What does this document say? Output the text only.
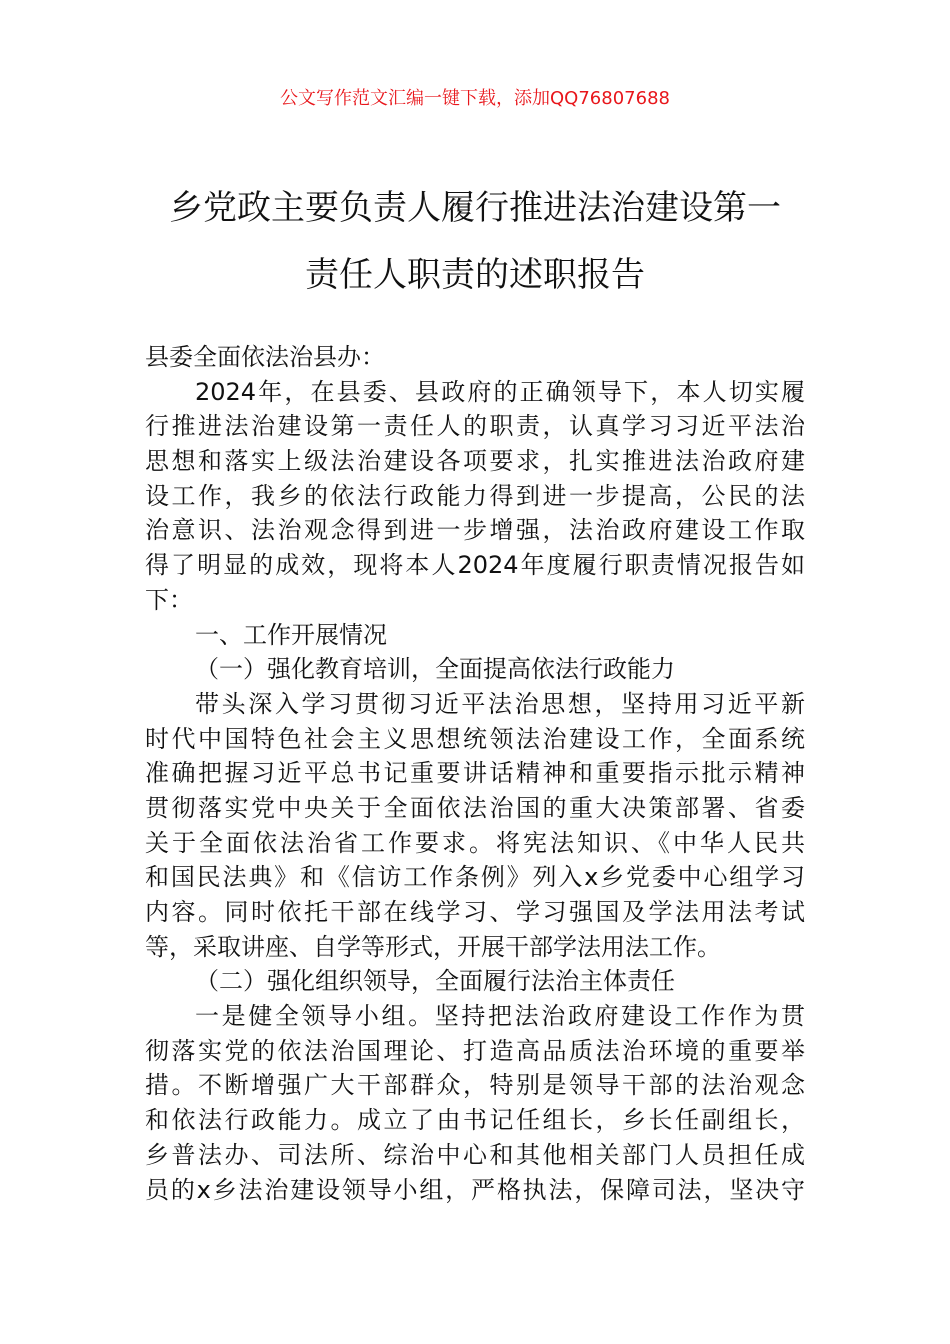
公文写作范文汇编一键下载，添加QQ76807688
乡党政主要负责人履行推进法治建设第一
责任人职责的述职报告
县委全面依法治县办：
2024年，在县委、县政府的正确领导下，本人切实履
行推进法治建设第一责任人的职责，认真学习习近平法治
思想和落实上级法治建设各项要求，扎实推进法治政府建
设工作，我乡的依法行政能力得到进一步提高，公民的法
治意识、法治观念得到进一步增强，法治政府建设工作取
得了明显的成效，现将本人2024年度履行职责情况报告如
下：
一、工作开展情况
（一）强化教育培训，全面提高依法行政能力
带头深入学习贯彻习近平法治思想，坚持用习近平新
时代中国特色社会主义思想统领法治建设工作，全面系统
准确把握习近平总书记重要讲话精神和重要指示批示精神
贯彻落实党中央关于全面依法治国的重大决策部署、省委
关于全面依法治省工作要求。将宪法知识、《中华人民共
和国民法典》和《信访工作条例》列入x乡党委中心组学习
内容。同时依托干部在线学习、学习强国及学法用法考试
等，采取讲座、自学等形式，开展干部学法用法工作。
（二）强化组织领导，全面履行法治主体责任
一是健全领导小组。坚持把法治政府建设工作作为贯
彻落实党的依法治国理论、打造高品质法治环境的重要举
措。不断增强广大干部群众，特别是领导干部的法治观念
和依法行政能力。成立了由书记任组长，乡长任副组长，
乡普法办、司法所、综治中心和其他相关部门人员担任成
员的x乡法治建设领导小组，严格执法，保障司法，坚决守
